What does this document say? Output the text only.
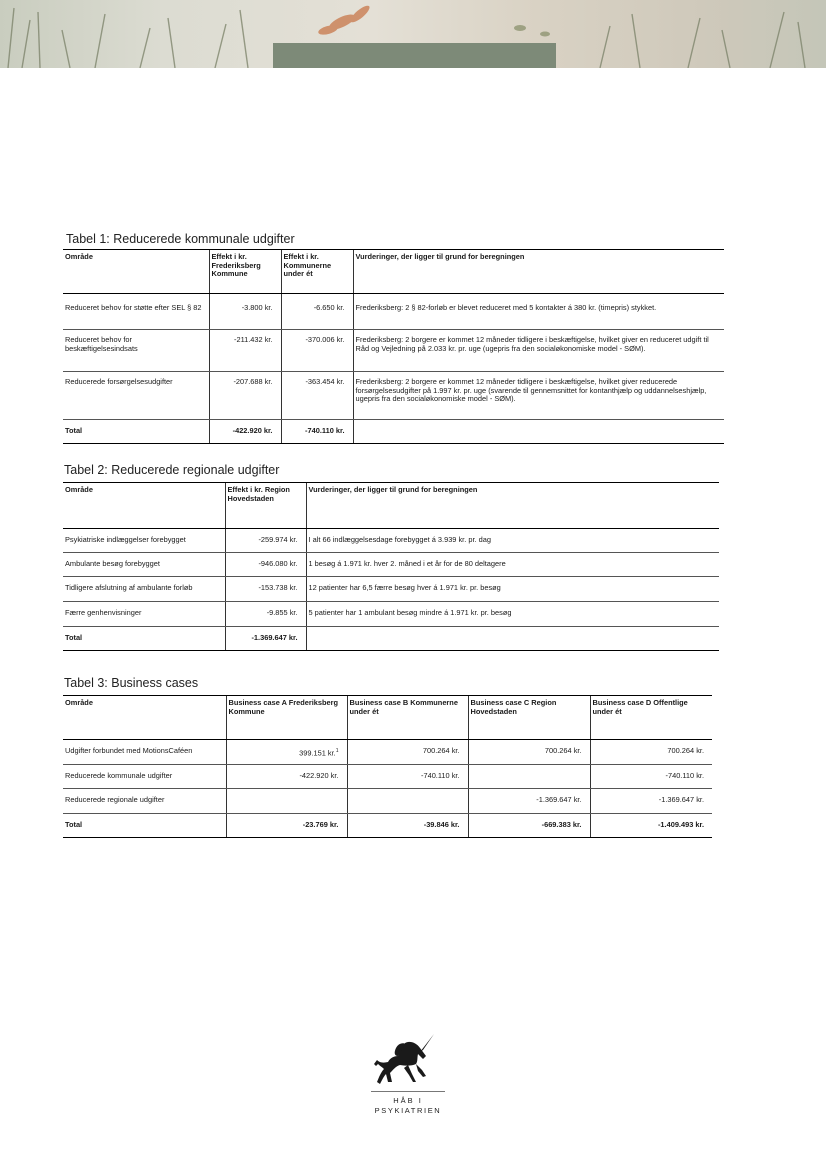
Tabel 1: Reducerede kommunale udgifter
Område	Effekt i kr. Frederiksberg Kommune	Effekt i kr. Kommunerne under ét	Vurderinger, der ligger til grund for beregningen
Reduceret behov for støtte efter SEL § 82	-3.800 kr.	-6.650 kr.	Frederiksberg: 2 § 82-forløb er blevet reduceret med 5 kontakter á 380 kr. (timepris) stykket.
Reduceret behov for beskæftigelsesindsats	-211.432 kr.	-370.006 kr.	Frederiksberg: 2 borgere er kommet 12 måneder tidligere i beskæftigelse, hvilket giver en reduceret udgift til Råd og Vejledning på 2.033 kr. pr. uge (ugepris fra den socialøkonomiske model - SØM).
Reducerede forsørgelsesudgifter	-207.688 kr.	-363.454 kr.	Frederiksberg: 2 borgere er kommet 12 måneder tidligere i beskæftigelse, hvilket giver reducerede forsørgelsesudgifter på 1.997 kr. pr. uge (svarende til gennemsnittet for kontanthjælp og uddannelseshjælp, ugepris fra den socialøkonomiske model - SØM).
Total	-422.920 kr.	-740.110 kr.	
Tabel 2: Reducerede regionale udgifter
Område	Effekt i kr. Region Hovedstaden	Vurderinger, der ligger til grund for beregningen
Psykiatriske indlæggelser forebygget	-259.974 kr.	I alt 66 indlæggelsesdage forebygget á 3.939 kr. pr. dag
Ambulante besøg forebygget	-946.080 kr.	1 besøg á 1.971 kr. hver 2. måned i et år for de 80 deltagere
Tidligere afslutning af ambulante forløb	-153.738 kr.	12 patienter har 6,5 færre besøg hver á 1.971 kr. pr. besøg
Færre genhenvisninger	-9.855 kr.	5 patienter har 1 ambulant besøg mindre á 1.971 kr. pr. besøg
Total	-1.369.647 kr.	
Tabel 3: Business cases
Område	Business case A Frederiksberg Kommune	Business case B Kommunerne under ét	Business case C Region Hovedstaden	Business case D Offentlige under ét
Udgifter forbundet med MotionsCaféen	399.151 kr.$^1$	700.264 kr.	700.264 kr.	700.264 kr.
Reducerede kommunale udgifter	-422.920 kr.	-740.110 kr.		-740.110 kr.
Reducerede regionale udgifter			-1.369.647 kr.	-1.369.647 kr.
Total	-23.769 kr.	-39.846 kr.	-669.383 kr.	-1.409.493 kr.
HÅB I
PSYKIATRIEN
